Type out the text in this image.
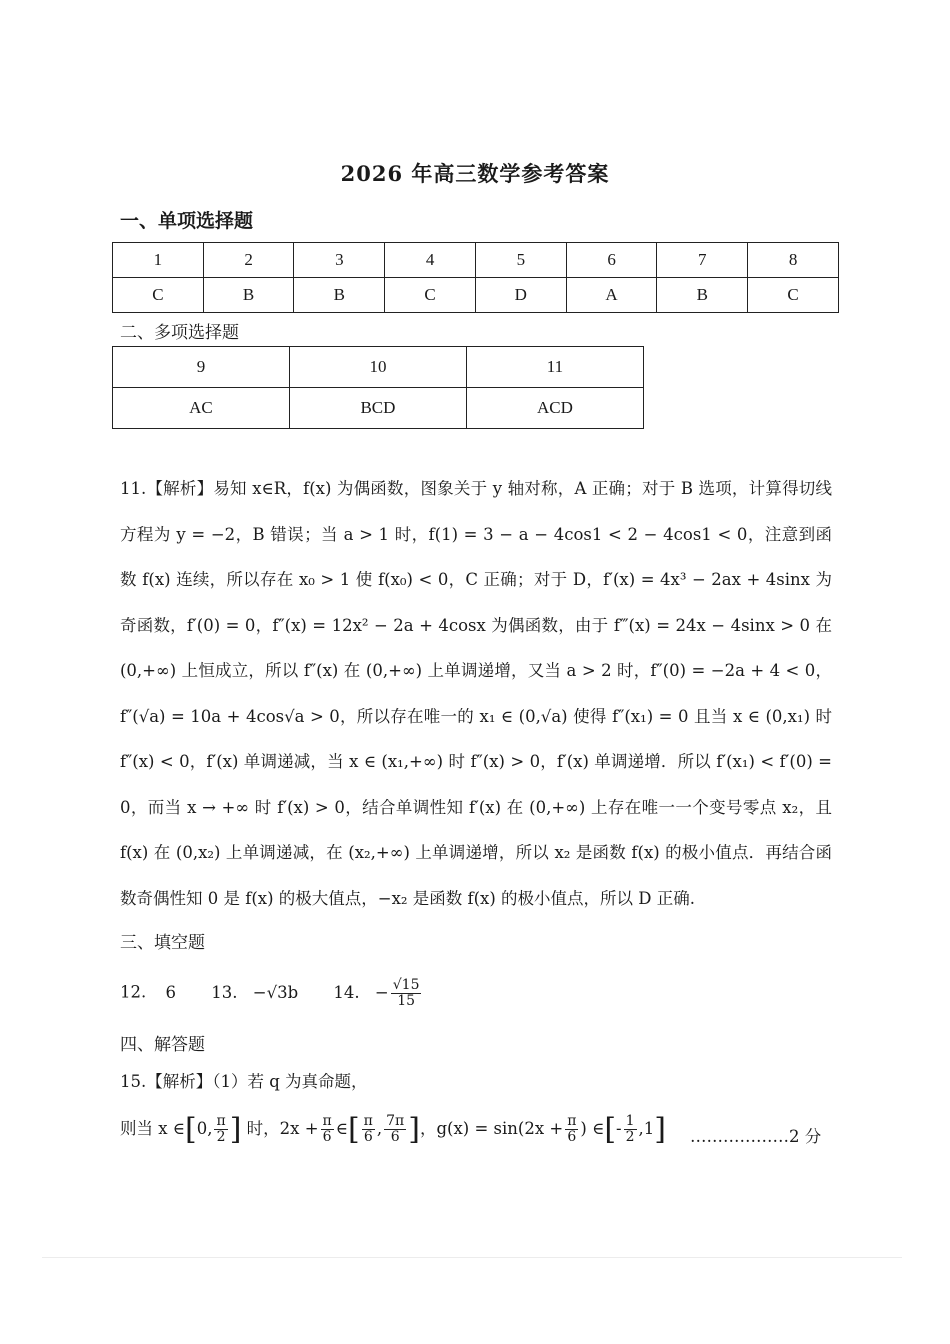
2026 年高三数学参考答案
一、单项选择题
1	2	3	4	5	6	7	8
C	B	B	C	D	A	B	C
二、多项选择题
9	10	11
AC	BCD	ACD
11.【解析】易知 x∈R，f(x) 为偶函数，图象关于 y 轴对称，A 正确；对于 B 选项，计算得切线方程为 y = −2，B 错误；当 a > 1 时，f(1) = 3 − a − 4cos1 < 2 − 4cos1 < 0，注意到函数 f(x) 连续，所以存在 x₀ > 1 使 f(x₀) < 0，C 正确；对于 D，f′(x) = 4x³ − 2ax + 4sinx 为奇函数，f′(0) = 0，f″(x) = 12x² − 2a + 4cosx 为偶函数，由于 f‴(x) = 24x − 4sinx > 0 在 (0,+∞) 上恒成立，所以 f″(x) 在 (0,+∞) 上单调递增，又当 a > 2 时，f″(0) = −2a + 4 < 0，f″(√a) = 10a + 4cos√a > 0，所以存在唯一的 x₁ ∈ (0,√a) 使得 f″(x₁) = 0 且当 x ∈ (0,x₁) 时 f″(x) < 0，f′(x) 单调递减，当 x ∈ (x₁,+∞) 时 f″(x) > 0，f′(x) 单调递增．所以 f′(x₁) < f′(0) = 0，而当 x → +∞ 时 f′(x) > 0，结合单调性知 f′(x) 在 (0,+∞) 上存在唯一一个变号零点 x₂，且 f(x) 在 (0,x₂) 上单调递减，在 (x₂,+∞) 上单调递增，所以 x₂ 是函数 f(x) 的极小值点．再结合函数奇偶性知 0 是 f(x) 的极大值点，−x₂ 是函数 f(x) 的极小值点，所以 D 正确.
三、填空题
12. 6 13. −√3b 14. − $\frac{√15}{15}$
四、解答题
15.【解析】（1）若 q 为真命题，
则当 x ∈[0, $\frac{\pi}{2}$ ] 时，$2x + \frac{\pi}{6}$ ∈[ $\frac{\pi}{6}$ , $\frac{7\pi}{6}$ ]，$g(x) = \sin(2x + \frac{\pi}{6}$ ) ∈[- $\frac{1}{2} ,1$] ………………2 分
